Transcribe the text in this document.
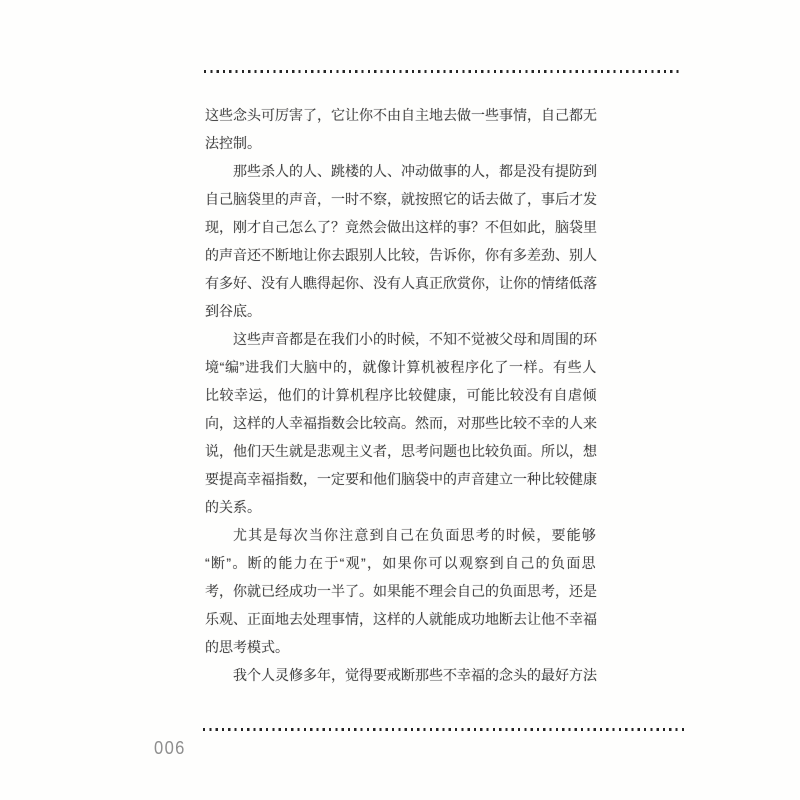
这些念头可厉害了，它让你不由自主地去做一些事情，自己都无
法控制。
那些杀人的人、跳楼的人、冲动做事的人，都是没有提防到
自己脑袋里的声音，一时不察，就按照它的话去做了，事后才发
现，刚才自己怎么了？竟然会做出这样的事？不但如此，脑袋里
的声音还不断地让你去跟别人比较，告诉你，你有多差劲、别人
有多好、没有人瞧得起你、没有人真正欣赏你，让你的情绪低落
到谷底。
这些声音都是在我们小的时候，不知不觉被父母和周围的环
境“编”进我们大脑中的，就像计算机被程序化了一样。有些人
比较幸运，他们的计算机程序比较健康，可能比较没有自虐倾
向，这样的人幸福指数会比较高。然而，对那些比较不幸的人来
说，他们天生就是悲观主义者，思考问题也比较负面。所以，想
要提高幸福指数，一定要和他们脑袋中的声音建立一种比较健康
的关系。
尤其是每次当你注意到自己在负面思考的时候，要能够
“断”。断的能力在于“观”，如果你可以观察到自己的负面思
考，你就已经成功一半了。如果能不理会自己的负面思考，还是
乐观、正面地去处理事情，这样的人就能成功地断去让他不幸福
的思考模式。
我个人灵修多年，觉得要戒断那些不幸福的念头的最好方法
006
